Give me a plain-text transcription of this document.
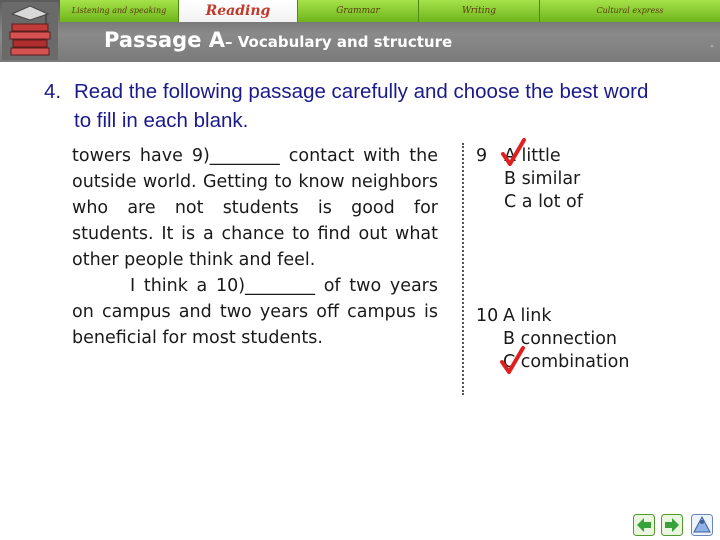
Listening and speaking	Reading	Grammar	Writing	Cultural express
Passage A– Vocabulary and structure	-
4. Read the following passage carefully and choose the best word to fill in each blank.

towers have 9)________ contact with the outside world. Getting to know neighbors who are not students is good for students. It is a chance to find out what other people think and feel.

I think a 10)________ of two years on campus and two years off campus is beneficial for most students.

9 A little
B similar
C a lot of
10 A link
B connection
C combination
